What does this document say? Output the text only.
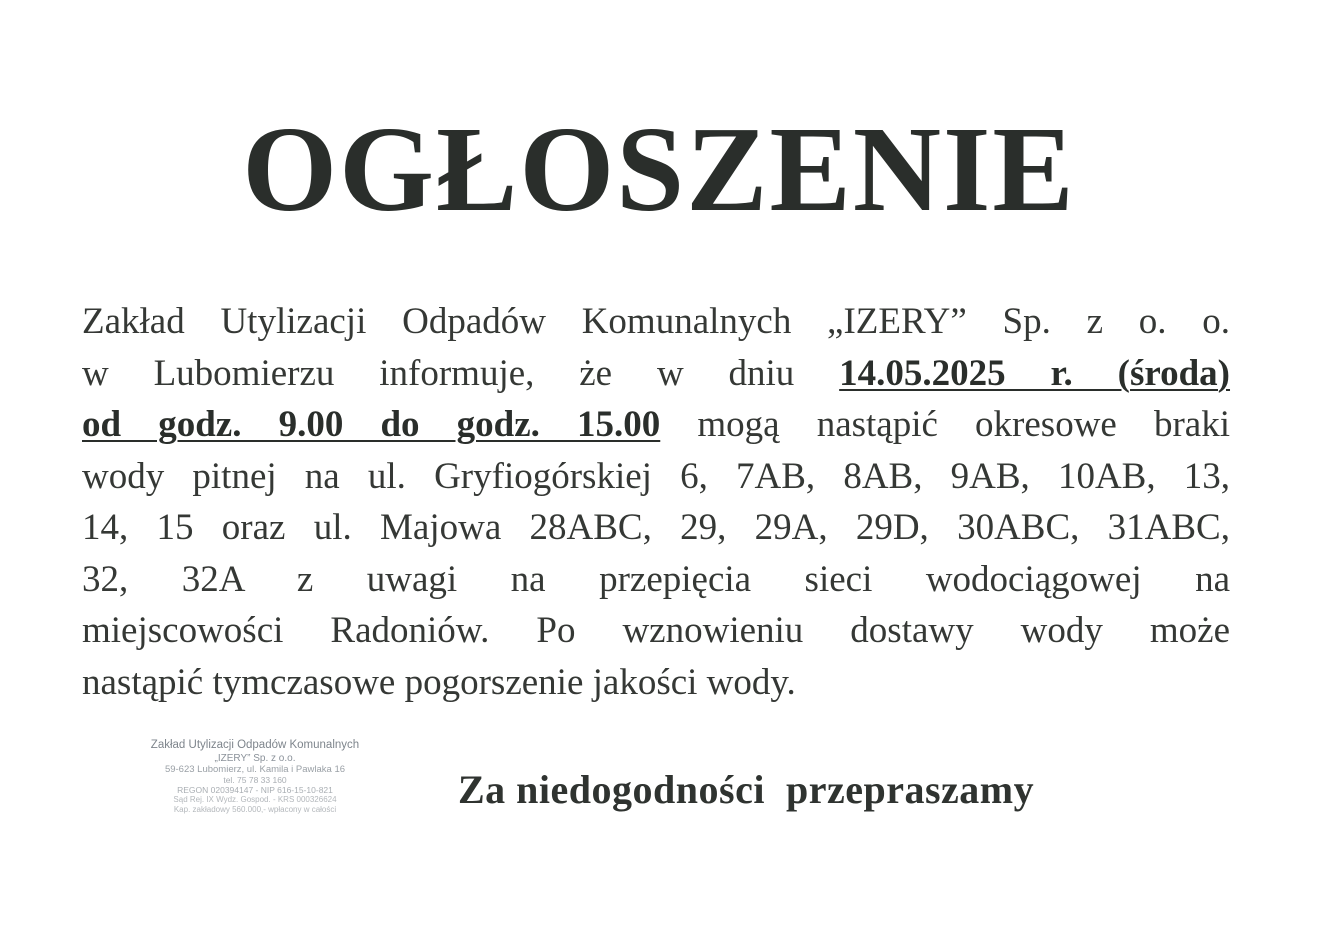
OGŁOSZENIE
Zakład Utylizacji Odpadów Komunalnych „IZERY” Sp. z o. o.
w Lubomierzu informuje, że w dniu 14.05.2025 r. (środa)
od godz. 9.00 do godz. 15.00 mogą nastąpić okresowe braki
wody pitnej na ul. Gryfiogórskiej 6, 7AB, 8AB, 9AB, 10AB, 13,
14, 15 oraz ul. Majowa 28ABC, 29, 29A, 29D, 30ABC, 31ABC,
32, 32A z uwagi na przepięcia sieci wodociągowej na
miejscowości Radoniów. Po wznowieniu dostawy wody może
nastąpić tymczasowe pogorszenie jakości wody.
Zakład Utylizacji Odpadów Komunalnych
„IZERY” Sp. z o.o.
59-623 Lubomierz, ul. Kamila i Pawlaka 16
tel. 75 78 33 160
REGON 020394147 - NIP 616-15-10-821
Sąd Rej. IX Wydz. Gospod. - KRS 000326624
Kap. zakładowy 560.000,- wpłacony w całości	Za niedogodności  przepraszamy
